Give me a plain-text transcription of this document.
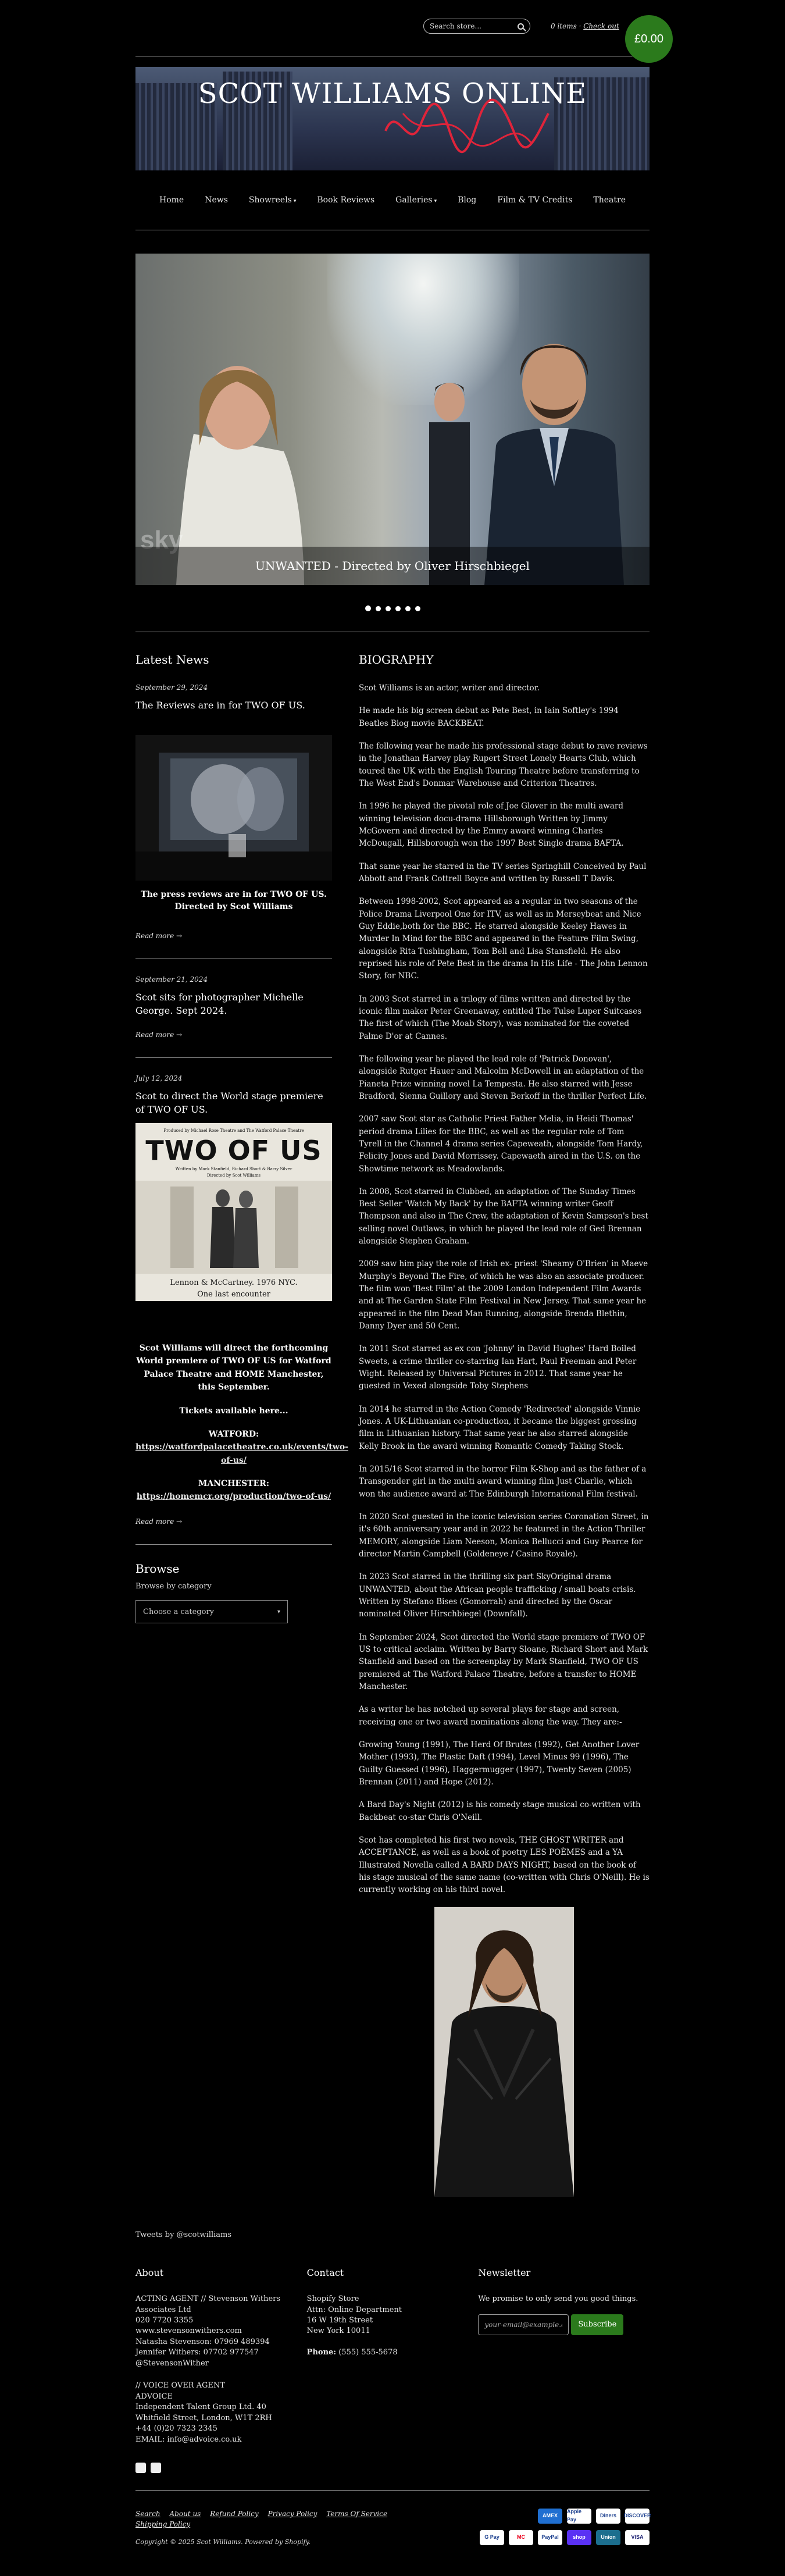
Search store...
0 items · Check out
£0.00
SCOT WILLIAMS ONLINE
Home	News	Showreels ▾	Book Reviews	Galleries ▾	Blog	Film & TV Credits	Theatre
sky
UNWANTED - Directed by Oliver Hirschbiegel
Latest News
September 29, 2024
The Reviews are in for TWO OF US.
The press reviews are in for TWO OF US. Directed by Scot Williams
Read more →
September 21, 2024
Scot sits for photographer Michelle George. Sept 2024.
Read more →
July 12, 2024
Scot to direct the World stage premiere of TWO OF US.
Produced by Michael Rose Theatre and The Watford Palace Theatre
TWO OF US
Written by Mark Stanfield, Richard Short & Barry Silver
Directed by Scot Williams
Lennon & McCartney. 1976 NYC.
One last encounter
Scot Williams will direct the forthcoming World premiere of TWO OF US for Watford Palace Theatre and HOME Manchester, this September.
Tickets available here...
WATFORD:
https://watfordpalacetheatre.co.uk/events/two-of-us/
MANCHESTER:
https://homemcr.org/production/two-of-us/
Read more →
Browse
Browse by category
Choose a category	▾
BIOGRAPHY

Scot Williams is an actor, writer and director.

He made his big screen debut as Pete Best, in Iain Softley's 1994 Beatles Biog movie BACKBEAT.

The following year he made his professional stage debut to rave reviews in the Jonathan Harvey play Rupert Street Lonely Hearts Club, which toured the UK with the English Touring Theatre before transferring to The West End's Donmar Warehouse and Criterion Theatres.

In 1996 he played the pivotal role of Joe Glover in the multi award winning television docu-drama Hillsborough Written by Jimmy McGovern and directed by the Emmy award winning Charles McDougall, Hillsborough won the 1997 Best Single drama BAFTA.

That same year he starred in the TV series Springhill Conceived by Paul Abbott and Frank Cottrell Boyce and written by Russell T Davis.

Between 1998-2002, Scot appeared as a regular in two seasons of the Police Drama Liverpool One for ITV, as well as in Merseybeat and Nice Guy Eddie,both for the BBC. He starred alongside Keeley Hawes in Murder In Mind for the BBC and appeared in the Feature Film Swing, alongside Rita Tushingham, Tom Bell and Lisa Stansfield. He also reprised his role of Pete Best in the drama In His Life - The John Lennon Story, for NBC.

In 2003 Scot starred in a trilogy of films written and directed by the iconic film maker Peter Greenaway, entitled The Tulse Luper Suitcases The first of which (The Moab Story), was nominated for the coveted Palme D'or at Cannes.

The following year he played the lead role of 'Patrick Donovan', alongside Rutger Hauer and Malcolm McDowell in an adaptation of the Pianeta Prize winning novel La Tempesta. He also starred with Jesse Bradford, Sienna Guillory and Steven Berkoff in the thriller Perfect Life.

2007 saw Scot star as Catholic Priest Father Melia, in Heidi Thomas' period drama Lilies for the BBC, as well as the regular role of Tom Tyrell in the Channel 4 drama series Capeweath, alongside Tom Hardy, Felicity Jones and David Morrissey. Capewaeth aired in the U.S. on the Showtime network as Meadowlands.

In 2008, Scot starred in Clubbed, an adaptation of The Sunday Times Best Seller 'Watch My Back' by the BAFTA winning writer Geoff Thompson and also in The Crew, the adaptation of Kevin Sampson's best selling novel Outlaws, in which he played the lead role of Ged Brennan alongside Stephen Graham.

2009 saw him play the role of Irish ex- priest 'Sheamy O'Brien' in Maeve Murphy's Beyond The Fire, of which he was also an associate producer. The film won 'Best Film' at the 2009 London Independent Film Awards and at The Garden State Film Festival in New Jersey. That same year he appeared in the film Dead Man Running, alongside Brenda Blethin, Danny Dyer and 50 Cent.

In 2011 Scot starred as ex con 'Johnny' in David Hughes' Hard Boiled Sweets, a crime thriller co-starring Ian Hart, Paul Freeman and Peter Wight. Released by Universal Pictures in 2012. That same year he guested in Vexed alongside Toby Stephens

In 2014 he starred in the Action Comedy 'Redirected' alongside Vinnie Jones. A UK-Lithuanian co-production, it became the biggest grossing film in Lithuanian history. That same year he also starred alongside Kelly Brook in the award winning Romantic Comedy Taking Stock.

In 2015/16 Scot starred in the horror Film K-Shop and as the father of a Transgender girl in the multi award winning film Just Charlie, which won the audience award at The Edinburgh International Film festival.

In 2020 Scot guested in the iconic television series Coronation Street, in it's 60th anniversary year and in 2022 he featured in the Action Thriller MEMORY, alongside Liam Neeson, Monica Bellucci and Guy Pearce for director Martin Campbell (Goldeneye / Casino Royale).

In 2023 Scot starred in the thrilling six part SkyOriginal drama UNWANTED, about the African people trafficking / small boats crisis. Written by Stefano Bises (Gomorrah) and directed by the Oscar nominated Oliver Hirschbiegel (Downfall).

In September 2024, Scot directed the World stage premiere of TWO OF US to critical acclaim. Written by Barry Sloane, Richard Short and Mark Stanfield and based on the screenplay by Mark Stanfield, TWO OF US premiered at The Watford Palace Theatre, before a transfer to HOME Manchester.

As a writer he has notched up several plays for stage and screen, receiving one or two award nominations along the way. They are:-

Growing Young (1991), The Herd Of Brutes (1992), Get Another Lover Mother (1993), The Plastic Daft (1994), Level Minus 99 (1996), The Guilty Guessed (1996), Haggermugger (1997), Twenty Seven (2005) Brennan (2011) and Hope (2012).

A Bard Day's Night (2012) is his comedy stage musical co-written with Backbeat co-star Chris O'Neill.

Scot has completed his first two novels, THE GHOST WRITER and ACCEPTANCE, as well as a book of poetry LES POÈMES and a YA Illustrated Novella called A BARD DAYS NIGHT, based on the book of his stage musical of the same name (co-written with Chris O'Neill). He is currently working on his third novel.

Tweets by @scotwilliams
About

ACTING AGENT // Stevenson Withers
Associates Ltd
020 7720 3355
www.stevensonwithers.com
Natasha Stevenson: 07969 489394
Jennifer Withers: 07702 977547
@StevensonWither

// VOICE OVER AGENT
ADVOICE
Independent Talent Group Ltd. 40
Whitfield Street, London, W1T 2RH
+44 (0)20 7323 2345
EMAIL: info@advoice.co.uk

Contact

Shopify Store
Attn: Online Department
16 W 19th Street
New York 10011

Phone: (555) 555-5678

Newsletter

We promise to only send you good things.

your-email@example.com
Subscribe
Search About us Refund Policy Privacy Policy Terms Of Service
Shipping Policy
Copyright © 2025 Scot Williams. Powered by Shopify.
AMEX
Apple Pay
Diners	DISCOVER
G Pay	MC	PayPal	shop	Union	VISA
